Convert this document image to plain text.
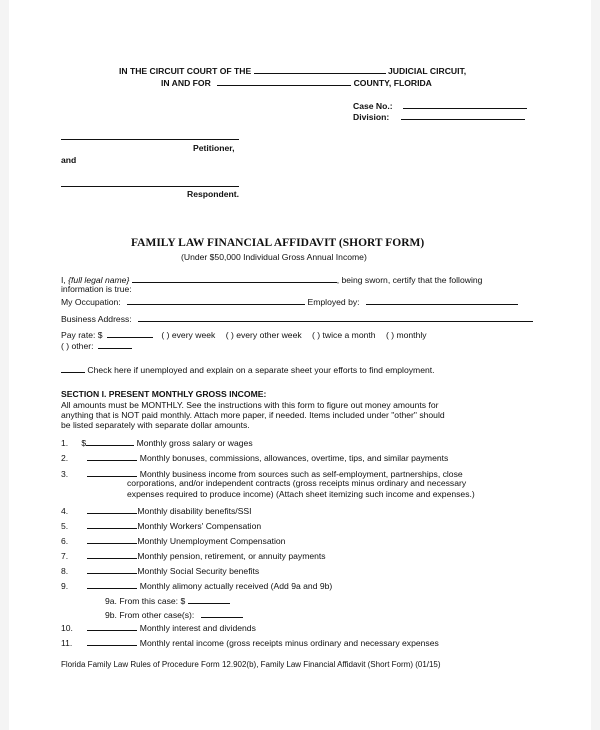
IN THE CIRCUIT COURT OF THE	JUDICIAL CIRCUIT,
IN AND FOR	COUNTY, FLORIDA
Case No.:
Division:
Petitioner,
and
Respondent.
FAMILY LAW FINANCIAL AFFIDAVIT (SHORT FORM)
(Under $50,000 Individual Gross Annual Income)
I, {full legal name}	, being sworn, certify that the following
information is true:
My Occupation:	Employed by:
Business Address:
Pay rate: $	( ) every week ( ) every other week ( ) twice a month ( ) monthly
( ) other:
Check here if unemployed and explain on a separate sheet your efforts to find employment.
SECTION I. PRESENT MONTHLY GROSS INCOME:
All amounts must be MONTHLY. See the instructions with this form to figure out money amounts for
anything that is NOT paid monthly. Attach more paper, if needed. Items included under "other" should
be listed separately with separate dollar amounts.
1. $	Monthly gross salary or wages
2.	Monthly bonuses, commissions, allowances, overtime, tips, and similar payments
3.	Monthly business income from sources such as self-employment, partnerships, close
corporations, and/or independent contracts (gross receipts minus ordinary and necessary
expenses required to produce income) (Attach sheet itemizing such income and expenses.)
4.	Monthly disability benefits/SSI
5.	Monthly Workers' Compensation
6.	Monthly Unemployment Compensation
7.	Monthly pension, retirement, or annuity payments
8.	Monthly Social Security benefits
9.	Monthly alimony actually received (Add 9a and 9b)
9a. From this case: $
9b. From other case(s):
10.	Monthly interest and dividends
11.	Monthly rental income (gross receipts minus ordinary and necessary expenses
Florida Family Law Rules of Procedure Form 12.902(b), Family Law Financial Affidavit (Short Form) (01/15)
